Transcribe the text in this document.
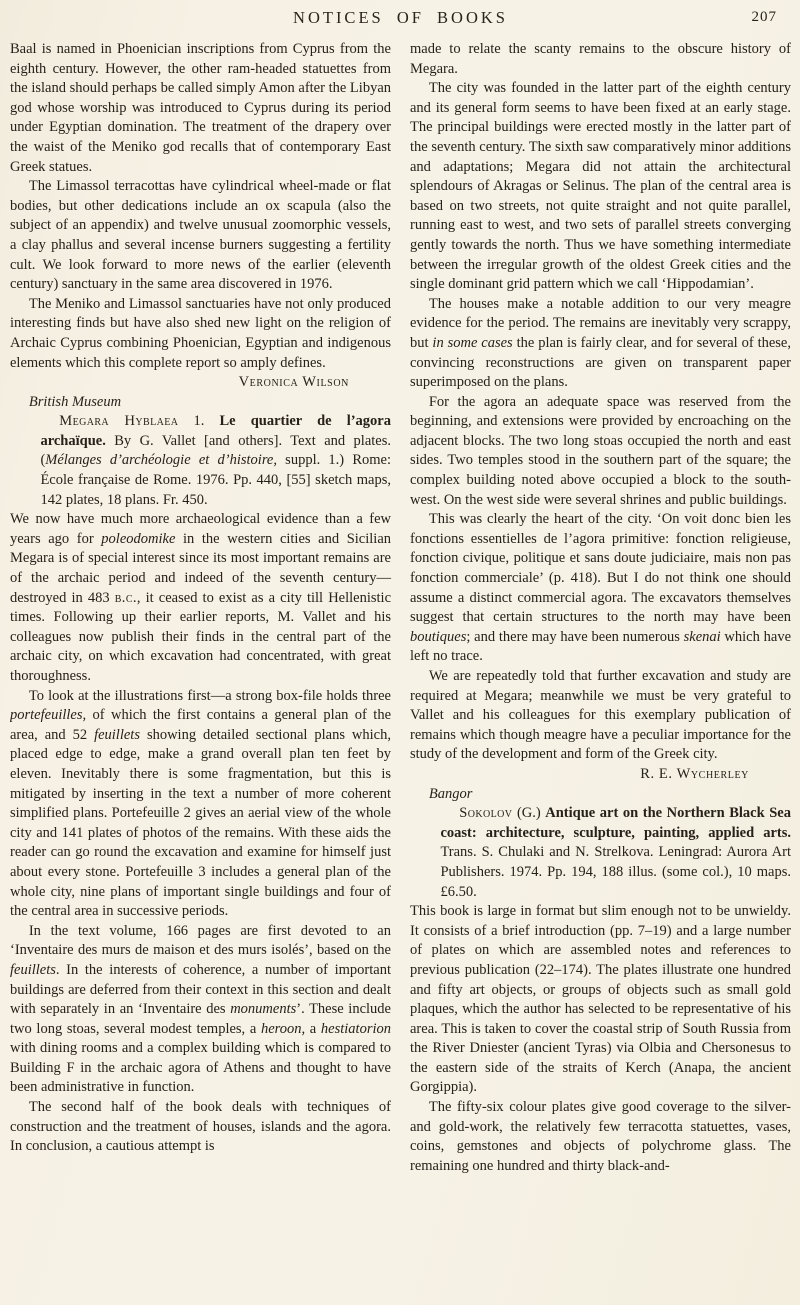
NOTICES OF BOOKS	207

Baal is named in Phoenician inscriptions from Cyprus from the eighth century. However, the other ram-headed statuettes from the island should perhaps be called simply Amon after the Libyan god whose worship was introduced to Cyprus during its period under Egyptian domination. The treatment of the drapery over the waist of the Meniko god recalls that of contemporary East Greek statues.

The Limassol terracottas have cylindrical wheel-made or flat bodies, but other dedications include an ox scapula (also the subject of an appendix) and twelve unusual zoomorphic vessels, a clay phallus and several incense burners suggesting a fertility cult. We look forward to more news of the earlier (eleventh century) sanctuary in the same area discovered in 1976.

The Meniko and Limassol sanctuaries have not only produced interesting finds but have also shed new light on the religion of Archaic Cyprus combining Phoenician, Egyptian and indigenous elements which this complete report so amply defines.

Veronica Wilson

British Museum

Megara Hyblaea 1. Le quartier de l’agora archaïque. By G. Vallet [and others]. Text and plates. (Mélanges d’archéologie et d’histoire, suppl. 1.) Rome: École française de Rome. 1976. Pp. 440, [55] sketch maps, 142 plates, 18 plans. Fr. 450.

We now have much more archaeological evidence than a few years ago for poleodomike in the western cities and Sicilian Megara is of special interest since its most important remains are of the archaic period and indeed of the seventh century—destroyed in 483 b.c., it ceased to exist as a city till Hellenistic times. Following up their earlier reports, M. Vallet and his colleagues now publish their finds in the central part of the archaic city, on which excavation had concentrated, with great thoroughness.

To look at the illustrations first—a strong box-file holds three portefeuilles, of which the first contains a general plan of the area, and 52 feuillets showing detailed sectional plans which, placed edge to edge, make a grand overall plan ten feet by eleven. Inevitably there is some fragmentation, but this is mitigated by inserting in the text a number of more coherent simplified plans. Portefeuille 2 gives an aerial view of the whole city and 141 plates of photos of the remains. With these aids the reader can go round the excavation and examine for himself just about every stone. Portefeuille 3 includes a general plan of the whole city, nine plans of important single buildings and four of the central area in successive periods.

In the text volume, 166 pages are first devoted to an ‘Inventaire des murs de maison et des murs isolés’, based on the feuillets. In the interests of coherence, a number of important buildings are deferred from their context in this section and dealt with separately in an ‘Inventaire des monuments’. These include two long stoas, several modest temples, a heroon, a hestiatorion with dining rooms and a complex building which is compared to Building F in the archaic agora of Athens and thought to have been administrative in function.

The second half of the book deals with techniques of construction and the treatment of houses, islands and the agora. In conclusion, a cautious attempt is

made to relate the scanty remains to the obscure history of Megara.

The city was founded in the latter part of the eighth century and its general form seems to have been fixed at an early stage. The principal buildings were erected mostly in the latter part of the seventh century. The sixth saw comparatively minor additions and adaptations; Megara did not attain the architectural splendours of Akragas or Selinus. The plan of the central area is based on two streets, not quite straight and not quite parallel, running east to west, and two sets of parallel streets converging gently towards the north. Thus we have something intermediate between the irregular growth of the oldest Greek cities and the single dominant grid pattern which we call ‘Hippodamian’.

The houses make a notable addition to our very meagre evidence for the period. The remains are inevitably very scrappy, but in some cases the plan is fairly clear, and for several of these, convincing reconstructions are given on transparent paper superimposed on the plans.

For the agora an adequate space was reserved from the beginning, and extensions were provided by encroaching on the adjacent blocks. The two long stoas occupied the north and east sides. Two temples stood in the southern part of the square; the complex building noted above occupied a block to the south-west. On the west side were several shrines and public buildings.

This was clearly the heart of the city. ‘On voit donc bien les fonctions essentielles de l’agora primitive: fonction religieuse, fonction civique, politique et sans doute judiciaire, mais non pas fonction commerciale’ (p. 418). But I do not think one should assume a distinct commercial agora. The excavators themselves suggest that certain structures to the north may have been boutiques; and there may have been numerous skenai which have left no trace.

We are repeatedly told that further excavation and study are required at Megara; meanwhile we must be very grateful to Vallet and his colleagues for this exemplary publication of remains which though meagre have a peculiar importance for the study of the development and form of the Greek city.

R. E. Wycherley

Bangor

Sokolov (G.) Antique art on the Northern Black Sea coast: architecture, sculpture, painting, applied arts. Trans. S. Chulaki and N. Strelkova. Leningrad: Aurora Art Publishers. 1974. Pp. 194, 188 illus. (some col.), 10 maps. £6.50.

This book is large in format but slim enough not to be unwieldy. It consists of a brief introduction (pp. 7–19) and a large number of plates on which are assembled notes and references to previous publication (22–174). The plates illustrate one hundred and fifty art objects, or groups of objects such as small gold plaques, which the author has selected to be representative of his area. This is taken to cover the coastal strip of South Russia from the River Dniester (ancient Tyras) via Olbia and Chersonesus to the eastern side of the straits of Kerch (Anapa, the ancient Gorgippia).

The fifty-six colour plates give good coverage to the silver- and gold-work, the relatively few terracotta statuettes, vases, coins, gemstones and objects of polychrome glass. The remaining one hundred and thirty black-and-
